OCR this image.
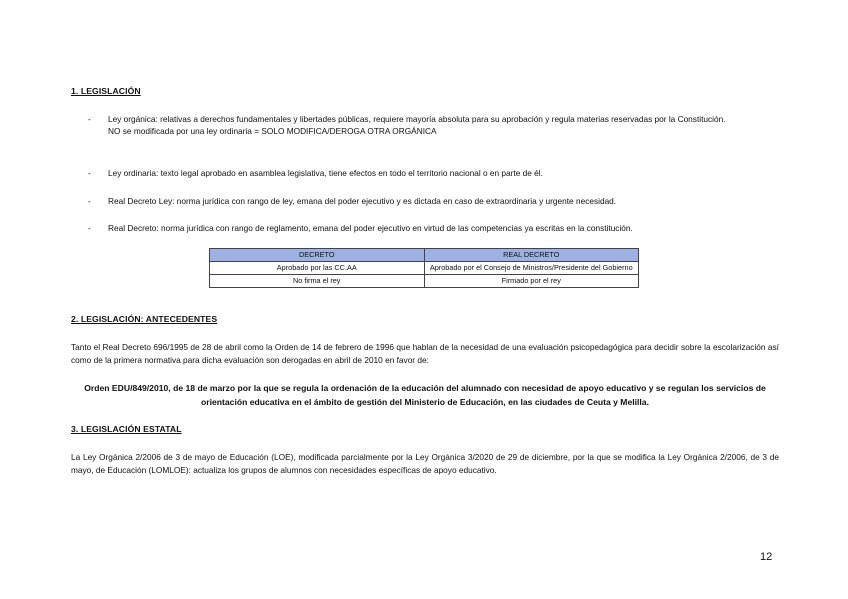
1. LEGISLACIÓN
- Ley orgánica: relativas a derechos fundamentales y libertades públicas, requiere mayoría absoluta para su aprobación y regula materias reservadas por la Constitución.
NO se modificada por una ley ordinaria = SOLO MODIFICA/DEROGA OTRA ORGÁNICA
- Ley ordinaria: texto legal aprobado en asamblea legislativa, tiene efectos en todo el territorio nacional o en parte de él.
- Real Decreto Ley: norma jurídica con rango de ley, emana del poder ejecutivo y es dictada en caso de extraordinaria y urgente necesidad.
- Real Decreto: norma jurídica con rango de reglamento, emana del poder ejecutivo en virtud de las competencias ya escritas en la constitución.
DECRETO	REAL DECRETO
Aprobado por las CC.AA	Aprobado por el Consejo de Ministros/Presidente del Gobierno
No firma el rey	Firmado por el rey
2. LEGISLACIÓN: ANTECEDENTES
Tanto el Real Decreto 696/1995 de 28 de abril como la Orden de 14 de febrero de 1996 que hablan de la necesidad de una evaluación psicopedagógica para decidir sobre la escolarización así como de la primera normativa para dicha evaluación son derogadas en abril de 2010 en favor de:
Orden EDU/849/2010, de 18 de marzo por la que se regula la ordenación de la educación del alumnado con necesidad de apoyo educativo y se regulan los servicios de orientación educativa en el ámbito de gestión del Ministerio de Educación, en las ciudades de Ceuta y Melilla.
3. LEGISLACIÓN ESTATAL
La Ley Orgánica 2/2006 de 3 de mayo de Educación (LOE), modificada parcialmente por la Ley Orgánica 3/2020 de 29 de diciembre, por la que se modifica la Ley Orgánica 2/2006, de 3 de mayo, de Educación (LOMLOE): actualiza los grupos de alumnos con necesidades específicas de apoyo educativo.
12
